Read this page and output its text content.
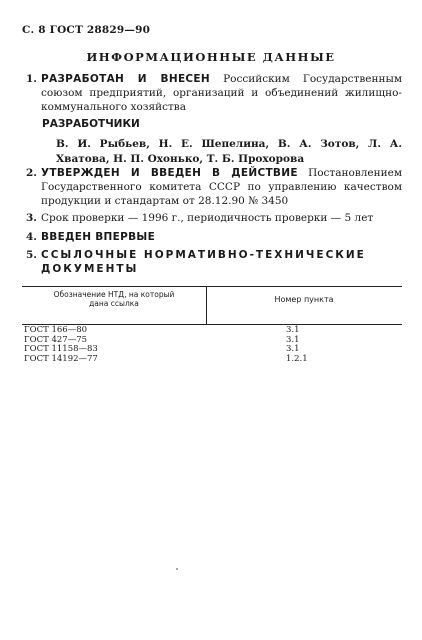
С. 8 ГОСТ 28829—90
ИНФОРМАЦИОННЫЕ ДАННЫЕ
1. РАЗРАБОТАН И ВНЕСЕН Российским Государственным союзом предприятий, организаций и объединений жилищно-коммунального хозяйства
РАЗРАБОТЧИКИ
В. И. Рыбьев, Н. Е. Шепелина, В. А. Зотов, Л. А. Хватова, Н. П. Охонько, Т. Б. Прохорова
2. УТВЕРЖДЕН И ВВЕДЕН В ДЕЙСТВИЕ Постановлением Государственного комитета СССР по управлению качеством продукции и стандартам от 28.12.90 № 3450
3. Срок проверки — 1996 г., периодичность проверки — 5 лет
4. ВВЕДЕН ВПЕРВЫЕ
5. ССЫЛОЧНЫЕ НОРМАТИВНО-ТЕХНИЧЕСКИЕ ДОКУМЕНТЫ
Обозначение НТД, на который дана ссылка	Номер пункта
ГОСТ 166—80	3.1
ГОСТ 427—75	3.1
ГОСТ 11158—83	3.1
ГОСТ 14192—77	1.2.1
